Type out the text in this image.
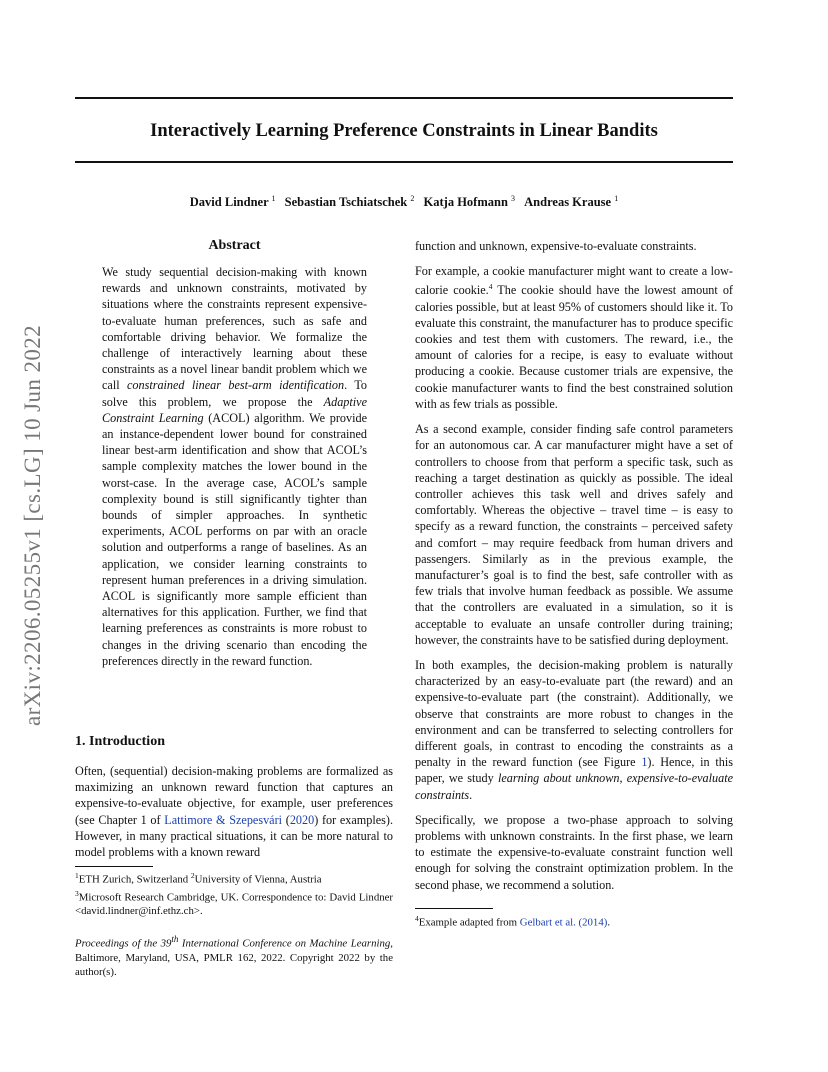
Interactively Learning Preference Constraints in Linear Bandits
David Lindner $^1$ Sebastian Tschiatschek $^2$ Katja Hofmann $^3$ Andreas Krause $^1$
arXiv:2206.05255v1 [cs.LG] 10 Jun 2022
Abstract
We study sequential decision-making with known rewards and unknown constraints, motivated by situations where the constraints represent expensive-to-evaluate human preferences, such as safe and comfortable driving behavior. We formalize the challenge of interactively learning about these constraints as a novel linear bandit problem which we call constrained linear best-arm identification. To solve this problem, we propose the Adaptive Constraint Learning (ACOL) algorithm. We provide an instance-dependent lower bound for constrained linear best-arm identification and show that ACOL’s sample complexity matches the lower bound in the worst-case. In the average case, ACOL’s sample complexity bound is still significantly tighter than bounds of simpler approaches. In synthetic experiments, ACOL performs on par with an oracle solution and outperforms a range of baselines. As an application, we consider learning constraints to represent human preferences in a driving simulation. ACOL is significantly more sample efficient than alternatives for this application. Further, we find that learning preferences as constraints is more robust to changes in the driving scenario than encoding the preferences directly in the reward function.
1. Introduction
Often, (sequential) decision-making problems are formalized as maximizing an unknown reward function that captures an expensive-to-evaluate objective, for example, user preferences (see Chapter 1 of Lattimore & Szepesvári (2020) for examples). However, in many practical situations, it can be more natural to model problems with a known reward
$^1$ETH Zurich, Switzerland $^2$University of Vienna, Austria
$^3$Microsoft Research Cambridge, UK. Correspondence to: David Lindner <david.lindner@inf.ethz.ch>.
Proceedings of the 39th International Conference on Machine Learning, Baltimore, Maryland, USA, PMLR 162, 2022. Copyright 2022 by the author(s).

function and unknown, expensive-to-evaluate constraints.

For example, a cookie manufacturer might want to create a low-calorie cookie.$^4$ The cookie should have the lowest amount of calories possible, but at least 95% of customers should like it. To evaluate this constraint, the manufacturer has to produce specific cookies and test them with customers. The reward, i.e., the amount of calories for a recipe, is easy to evaluate without producing a cookie. Because customer trials are expensive, the cookie manufacturer wants to find the best constrained solution with as few trials as possible.

As a second example, consider finding safe control parameters for an autonomous car. A car manufacturer might have a set of controllers to choose from that perform a specific task, such as reaching a target destination as quickly as possible. The ideal controller achieves this task well and drives safely and comfortably. Whereas the objective – travel time – is easy to specify as a reward function, the constraints – perceived safety and comfort – may require feedback from human drivers and passengers. Similarly as in the previous example, the manufacturer’s goal is to find the best, safe controller with as few trials that involve human feedback as possible. We assume that the controllers are evaluated in a simulation, so it is acceptable to evaluate an unsafe controller during training; however, the constraints have to be satisfied during deployment.

In both examples, the decision-making problem is naturally characterized by an easy-to-evaluate part (the reward) and an expensive-to-evaluate part (the constraint). Additionally, we observe that constraints are more robust to changes in the environment and can be transferred to selecting controllers for different goals, in contrast to encoding the constraints as a penalty in the reward function (see Figure 1). Hence, in this paper, we study learning about unknown, expensive-to-evaluate constraints.

Specifically, we propose a two-phase approach to solving problems with unknown constraints. In the first phase, we learn to estimate the expensive-to-evaluate constraint function well enough for solving the constraint optimization problem. In the second phase, we recommend a solution.

$^4$Example adapted from Gelbart et al. (2014).
